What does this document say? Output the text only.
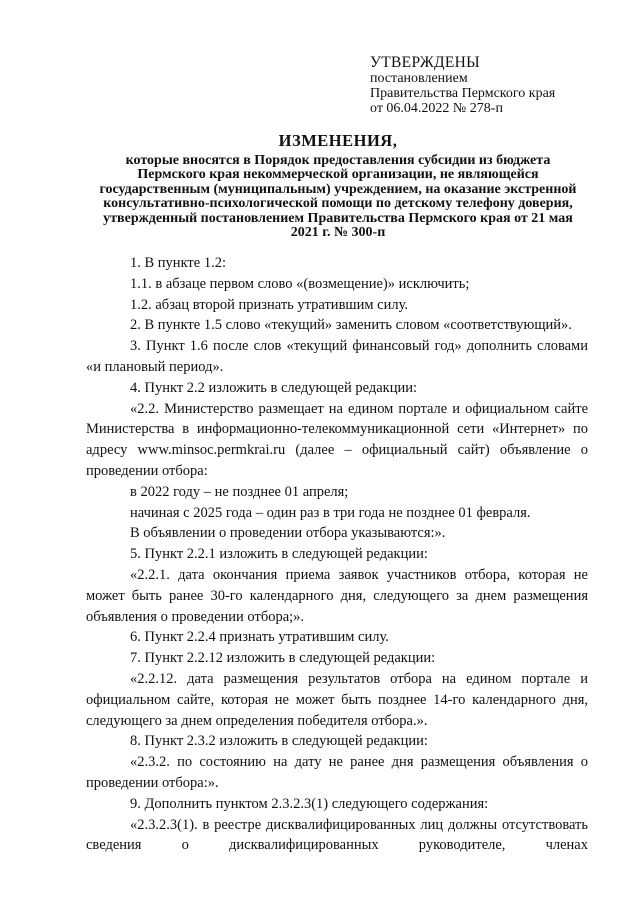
УТВЕРЖДЕНЫ
постановлением
Правительства Пермского края
от 06.04.2022 № 278-п
ИЗМЕНЕНИЯ,
которые вносятся в Порядок предоставления субсидии из бюджета Пермского края некоммерческой организации, не являющейся государственным (муниципальным) учреждением, на оказание экстренной консультативно-психологической помощи по детскому телефону доверия, утвержденный постановлением Правительства Пермского края от 21 мая 2021 г. № 300-п

1. В пункте 1.2:

1.1. в абзаце первом слово «(возмещение)» исключить;

1.2. абзац второй признать утратившим силу.

2. В пункте 1.5 слово «текущий» заменить словом «соответствующий».

3. Пункт 1.6 после слов «текущий финансовый год» дополнить словами «и плановый период».

4. Пункт 2.2 изложить в следующей редакции:

«2.2. Министерство размещает на едином портале и официальном сайте Министерства в информационно-телекоммуникационной сети «Интернет» по адресу www.minsoc.permkrai.ru (далее – официальный сайт) объявление о проведении отбора:

в 2022 году – не позднее 01 апреля;

начиная с 2025 года – один раз в три года не позднее 01 февраля.

В объявлении о проведении отбора указываются:».

5. Пункт 2.2.1 изложить в следующей редакции:

«2.2.1. дата окончания приема заявок участников отбора, которая не может быть ранее 30-го календарного дня, следующего за днем размещения объявления о проведении отбора;».

6. Пункт 2.2.4 признать утратившим силу.

7. Пункт 2.2.12 изложить в следующей редакции:

«2.2.12. дата размещения результатов отбора на едином портале и официальном сайте, которая не может быть позднее 14-го календарного дня, следующего за днем определения победителя отбора.».

8. Пункт 2.3.2 изложить в следующей редакции:

«2.3.2. по состоянию на дату не ранее дня размещения объявления о проведении отбора:».

9. Дополнить пунктом 2.3.2.3(1) следующего содержания:

«2.3.2.3(1). в реестре дисквалифицированных лиц должны отсутствовать сведения о дисквалифицированных руководителе, членах
